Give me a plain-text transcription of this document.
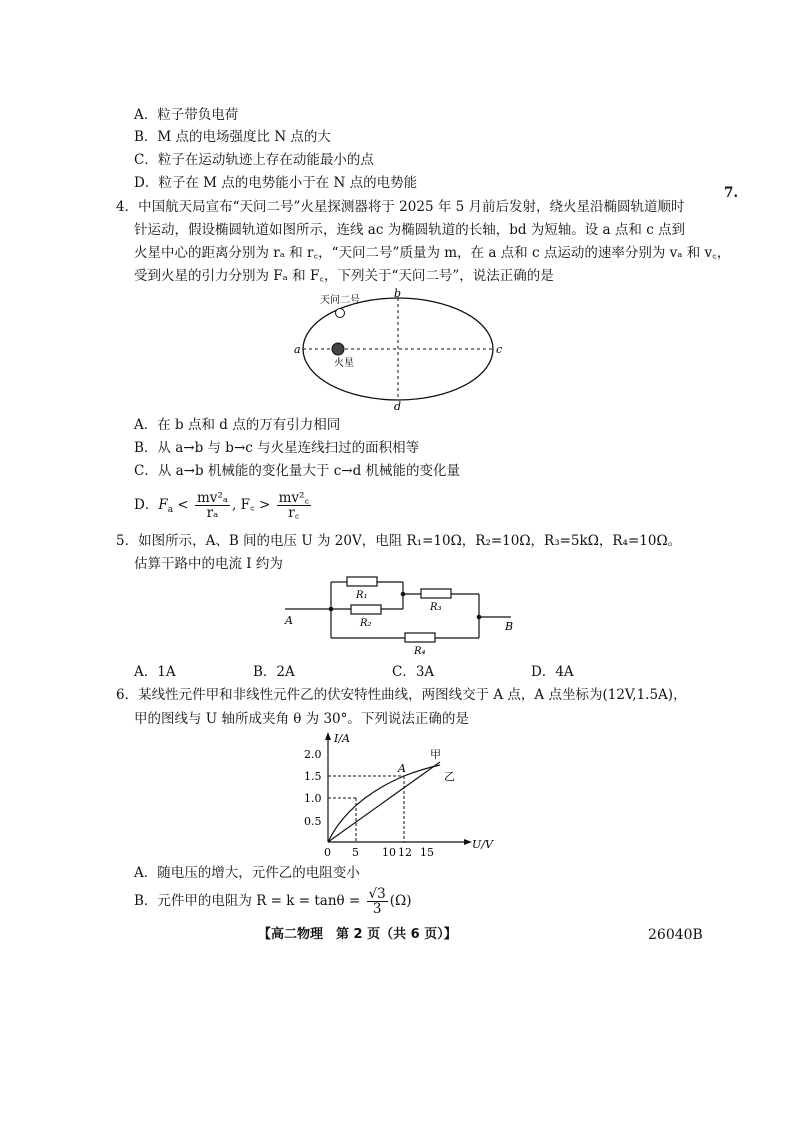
A．粒子带负电荷
B．M 点的电场强度比 N 点的大
C．粒子在运动轨迹上存在动能最小的点
D．粒子在 M 点的电势能小于在 N 点的电势能
7.
4．中国航天局宣布“天问二号”火星探测器将于 2025 年 5 月前后发射，绕火星沿椭圆轨道顺时
针运动，假设椭圆轨道如图所示，连线 ac 为椭圆轨道的长轴，bd 为短轴。设 a 点和 c 点到
火星中心的距离分别为 rₐ 和 r꜀，“天问二号”质量为 m，在 a 点和 c 点运动的速率分别为 vₐ 和 v꜀，
受到火星的引力分别为 Fₐ 和 F꜀，下列关于“天问二号”，说法正确的是
天问二号
火星
a
b
c
d
A．在 b 点和 d 点的万有引力相同
B．从 a→b 与 b→c 与火星连线扫过的面积相等
C．从 a→b 机械能的变化量大于 c→d 机械能的变化量
D．$F_a < \frac{\text{mv²ₐ}}{\text{rₐ}}$ , F꜀ > $\frac{\text{mv²꜀}}{r꜀}$
5．如图所示，A、B 间的电压 U 为 20V，电阻 R₁=10Ω，R₂=10Ω，R₃=5kΩ，R₄=10Ω。
估算干路中的电流 I 约为
A	B
R₁
R₂
R₃
R₄
A．1A	B．2A	C．3A	D．4A
6．某线性元件甲和非线性元件乙的伏安特性曲线，两图线交于 A 点，A 点坐标为(12V,1.5A)，
甲的图线与 U 轴所成夹角 θ 为 30°。下列说法正确的是
I/A
U/V
2.0
1.5
1.0
0.5
0 5 10 12 15
甲
乙
A
A．随电压的增大，元件乙的电阻变小
B．元件甲的电阻为 $R = k = \tan\theta = \frac{√3}{3} (\Omega)$
【高二物理　第 2 页（共 6 页）】	26040B
